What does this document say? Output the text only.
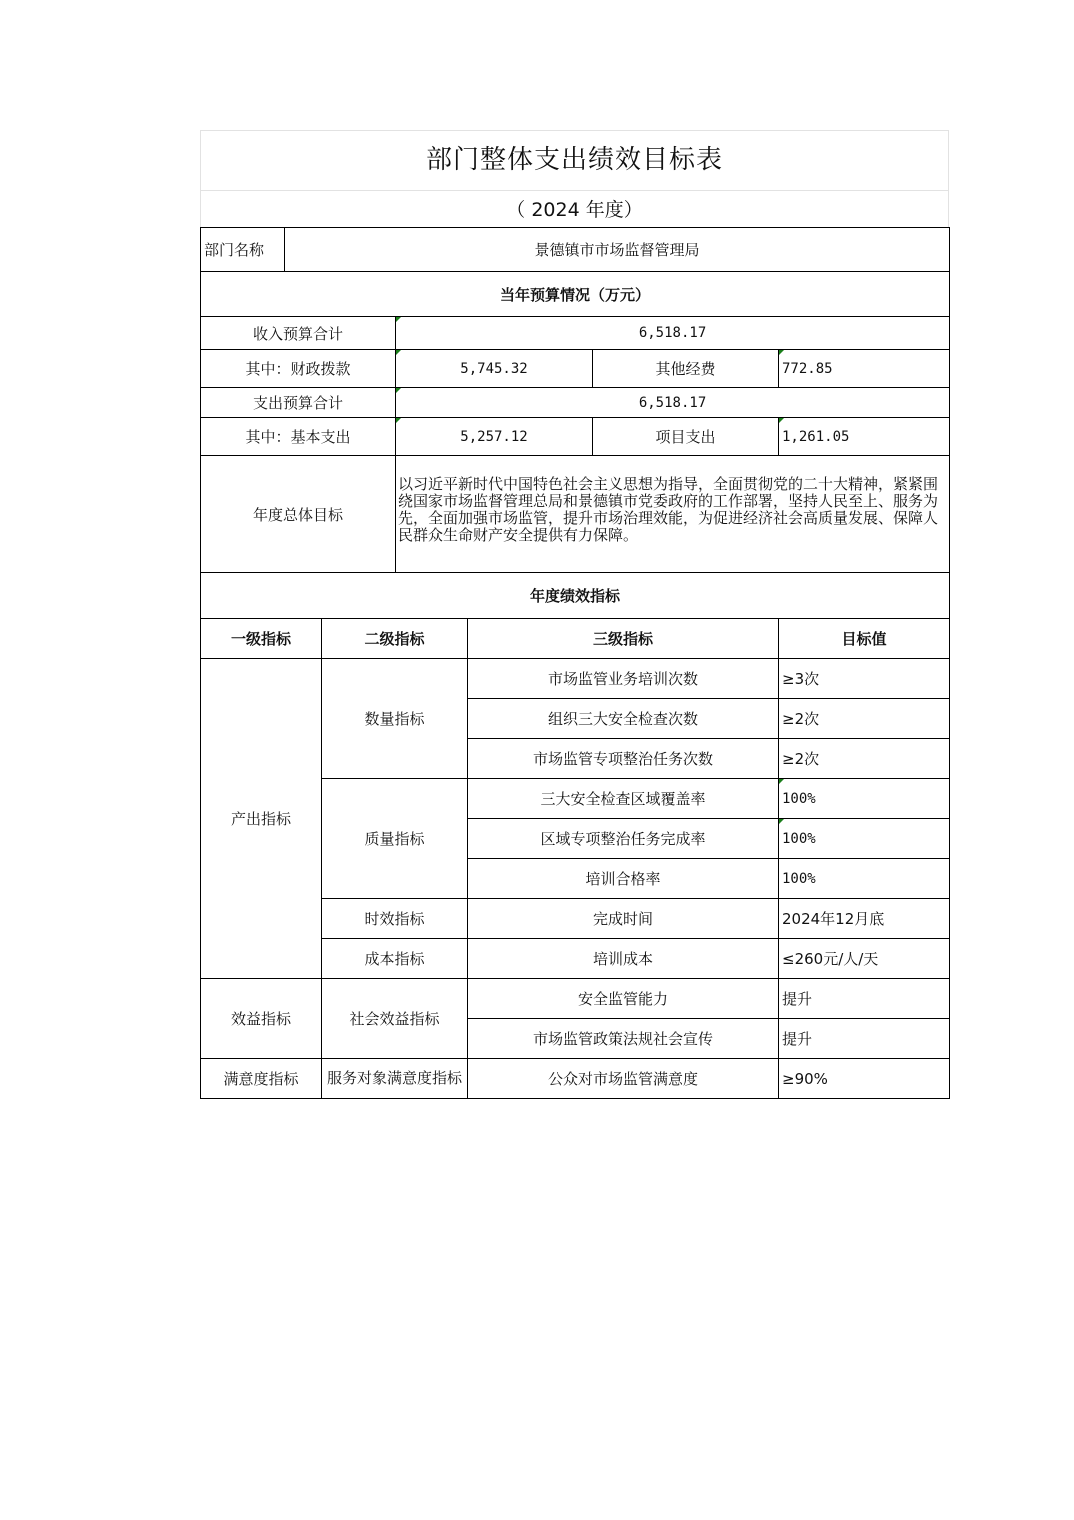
部门整体支出绩效目标表
（ 2024 年度）
部门名称	景德镇市市场监督管理局					
当年预算情况（万元）						
收入预算合计			6,518.17			
其中：财政拨款			5,745.32		其他经费	772.85
支出预算合计			6,518.17			
其中：基本支出			5,257.12		项目支出	1,261.05
年度总体目标			以习近平新时代中国特色社会主义思想为指导，全面贯彻党的二十大精神，紧紧围绕国家市场监督管理总局和景德镇市党委政府的工作部署，坚持人民至上、服务为先，全面加强市场监管，提升市场治理效能，为促进经济社会高质量发展、保障人民群众生命财产安全提供有力保障。			
年度绩效指标						
一级指标		二级指标		三级指标		目标值
产出指标		数量指标		市场监管业务培训次数		≥3次
				组织三大安全检查次数		≥2次
				市场监管专项整治任务次数		≥2次
		质量指标		三大安全检查区域覆盖率		100%
				区域专项整治任务完成率		100%
				培训合格率		100%
		时效指标		完成时间		2024年12月底
		成本指标		培训成本		≤260元/人/天
效益指标		社会效益指标		安全监管能力		提升
				市场监管政策法规社会宣传		提升
满意度指标		服务对象满意度指标		公众对市场监管满意度		≥90%
